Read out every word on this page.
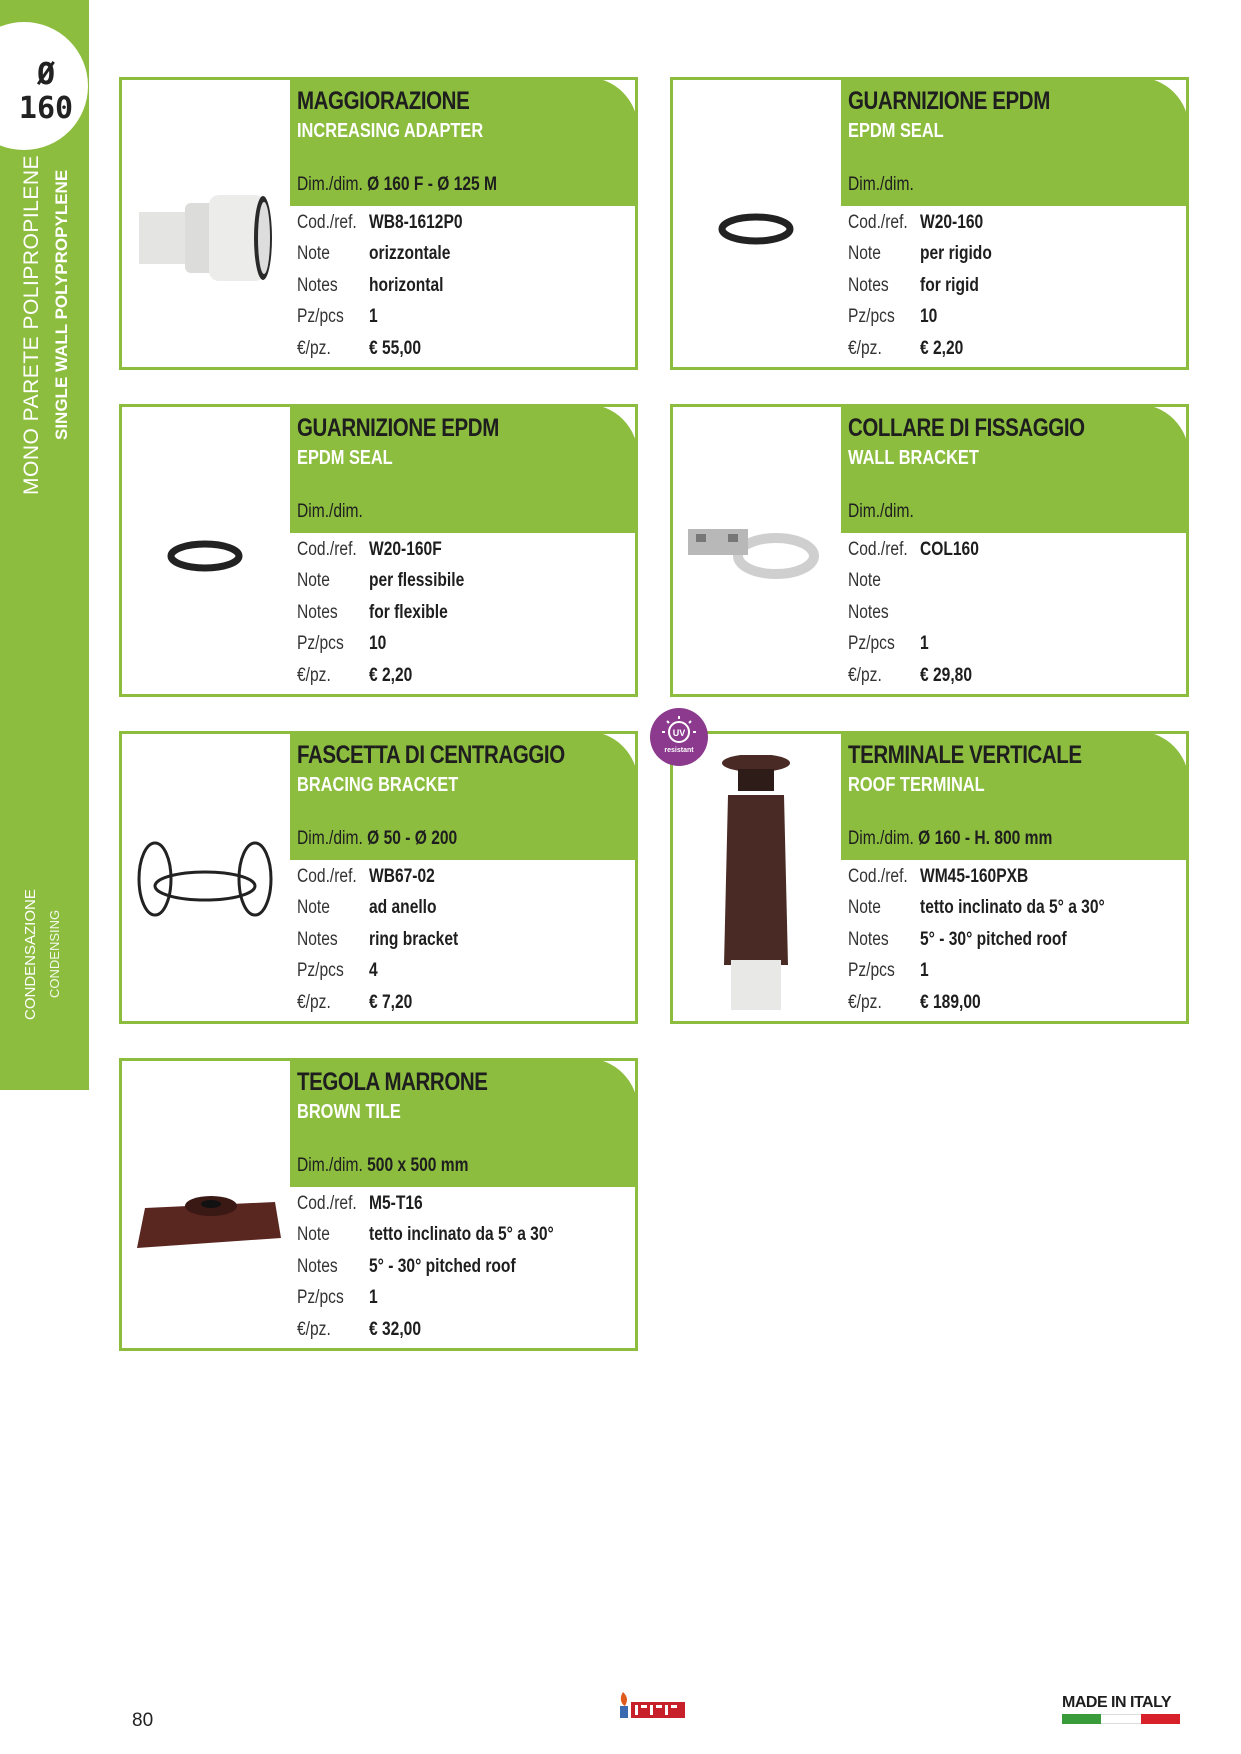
MONO PARETE POLIPROPILENE SINGLE WALL POLYPROPYLENE
CONDENSAZIONE CONDENSING
Ø
160	MAGGIORAZIONE
INCREASING ADAPTER
Dim./dim. Ø 160 F - Ø 125 M
Cod./ref. WB8-1612P0
Note	orizzontale
Notes	horizontal
Pz/pcs	1
€/pz.	€ 55,00
GUARNIZIONE EPDM
EPDM SEAL
Dim./dim.
Cod./ref. W20-160
Note	per rigido
Notes	for rigid
Pz/pcs	10
€/pz.	€ 2,20
GUARNIZIONE EPDM
EPDM SEAL
Dim./dim.
Cod./ref. W20-160F
Note	per flessibile
Notes	for flexible
Pz/pcs	10
€/pz.	€ 2,20
COLLARE DI FISSAGGIO
WALL BRACKET
Dim./dim.
Cod./ref. COL160
Note
Notes
Pz/pcs	1
€/pz.	€ 29,80
FASCETTA DI CENTRAGGIO
BRACING BRACKET
Dim./dim. Ø 50 - Ø 200
Cod./ref. WB67-02
Note	ad anello
Notes	ring bracket
Pz/pcs	4
€/pz.	€ 7,20
TERMINALE VERTICALE
ROOF TERMINAL
Dim./dim. Ø 160 - H. 800 mm
Cod./ref. WM45-160PXB
Note	tetto inclinato da 5° a 30°
Notes	5° - 30° pitched roof
Pz/pcs	1
€/pz.	€ 189,00
TEGOLA MARRONE
BROWN TILE
Dim./dim. 500 x 500 mm
Cod./ref. M5-T16
Note	tetto inclinato da 5° a 30°
Notes	5° - 30° pitched roof
Pz/pcs	1
€/pz.	€ 32,00
UV
resistant
80
MADE IN ITALY
